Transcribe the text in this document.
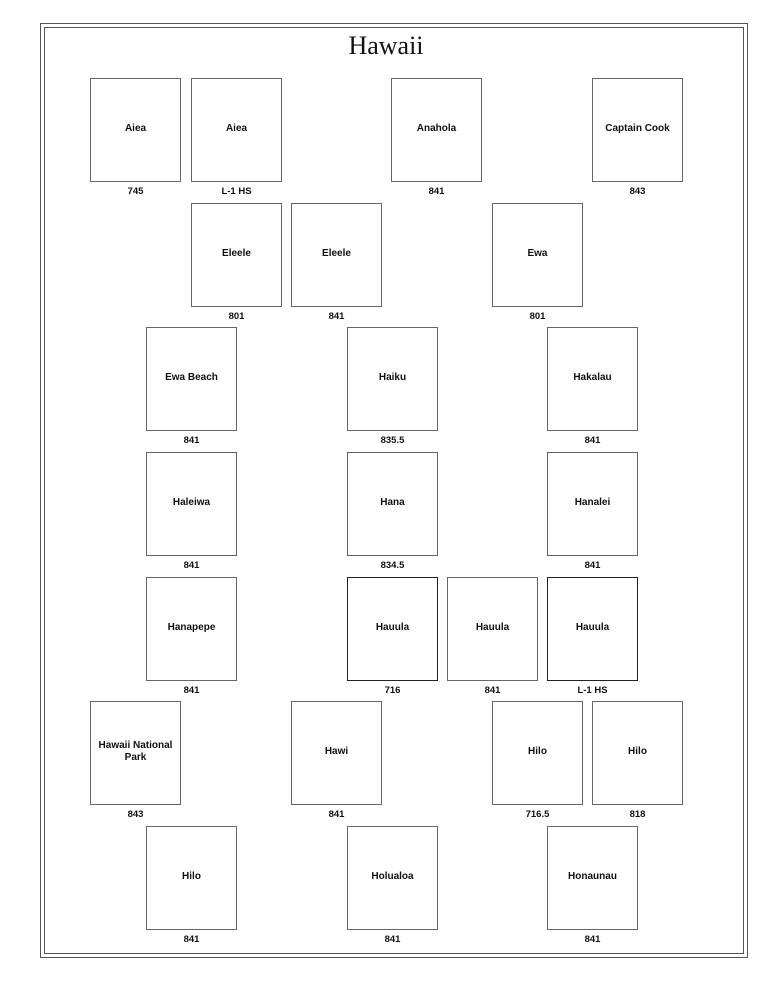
Hawaii
Aiea
745
Aiea
L-1 HS
Anahola
841
Captain Cook
843
Eleele
801
Eleele
841
Ewa
801
Ewa Beach
841
Haiku
835.5
Hakalau
841
Haleiwa
841
Hana
834.5
Hanalei
841
Hanapepe
841
Hauula
716
Hauula
841
Hauula
L-1 HS
Hawaii National Park
843
Hawi
841
Hilo
716.5
Hilo
818
Hilo
841
Holualoa
841
Honaunau
841
